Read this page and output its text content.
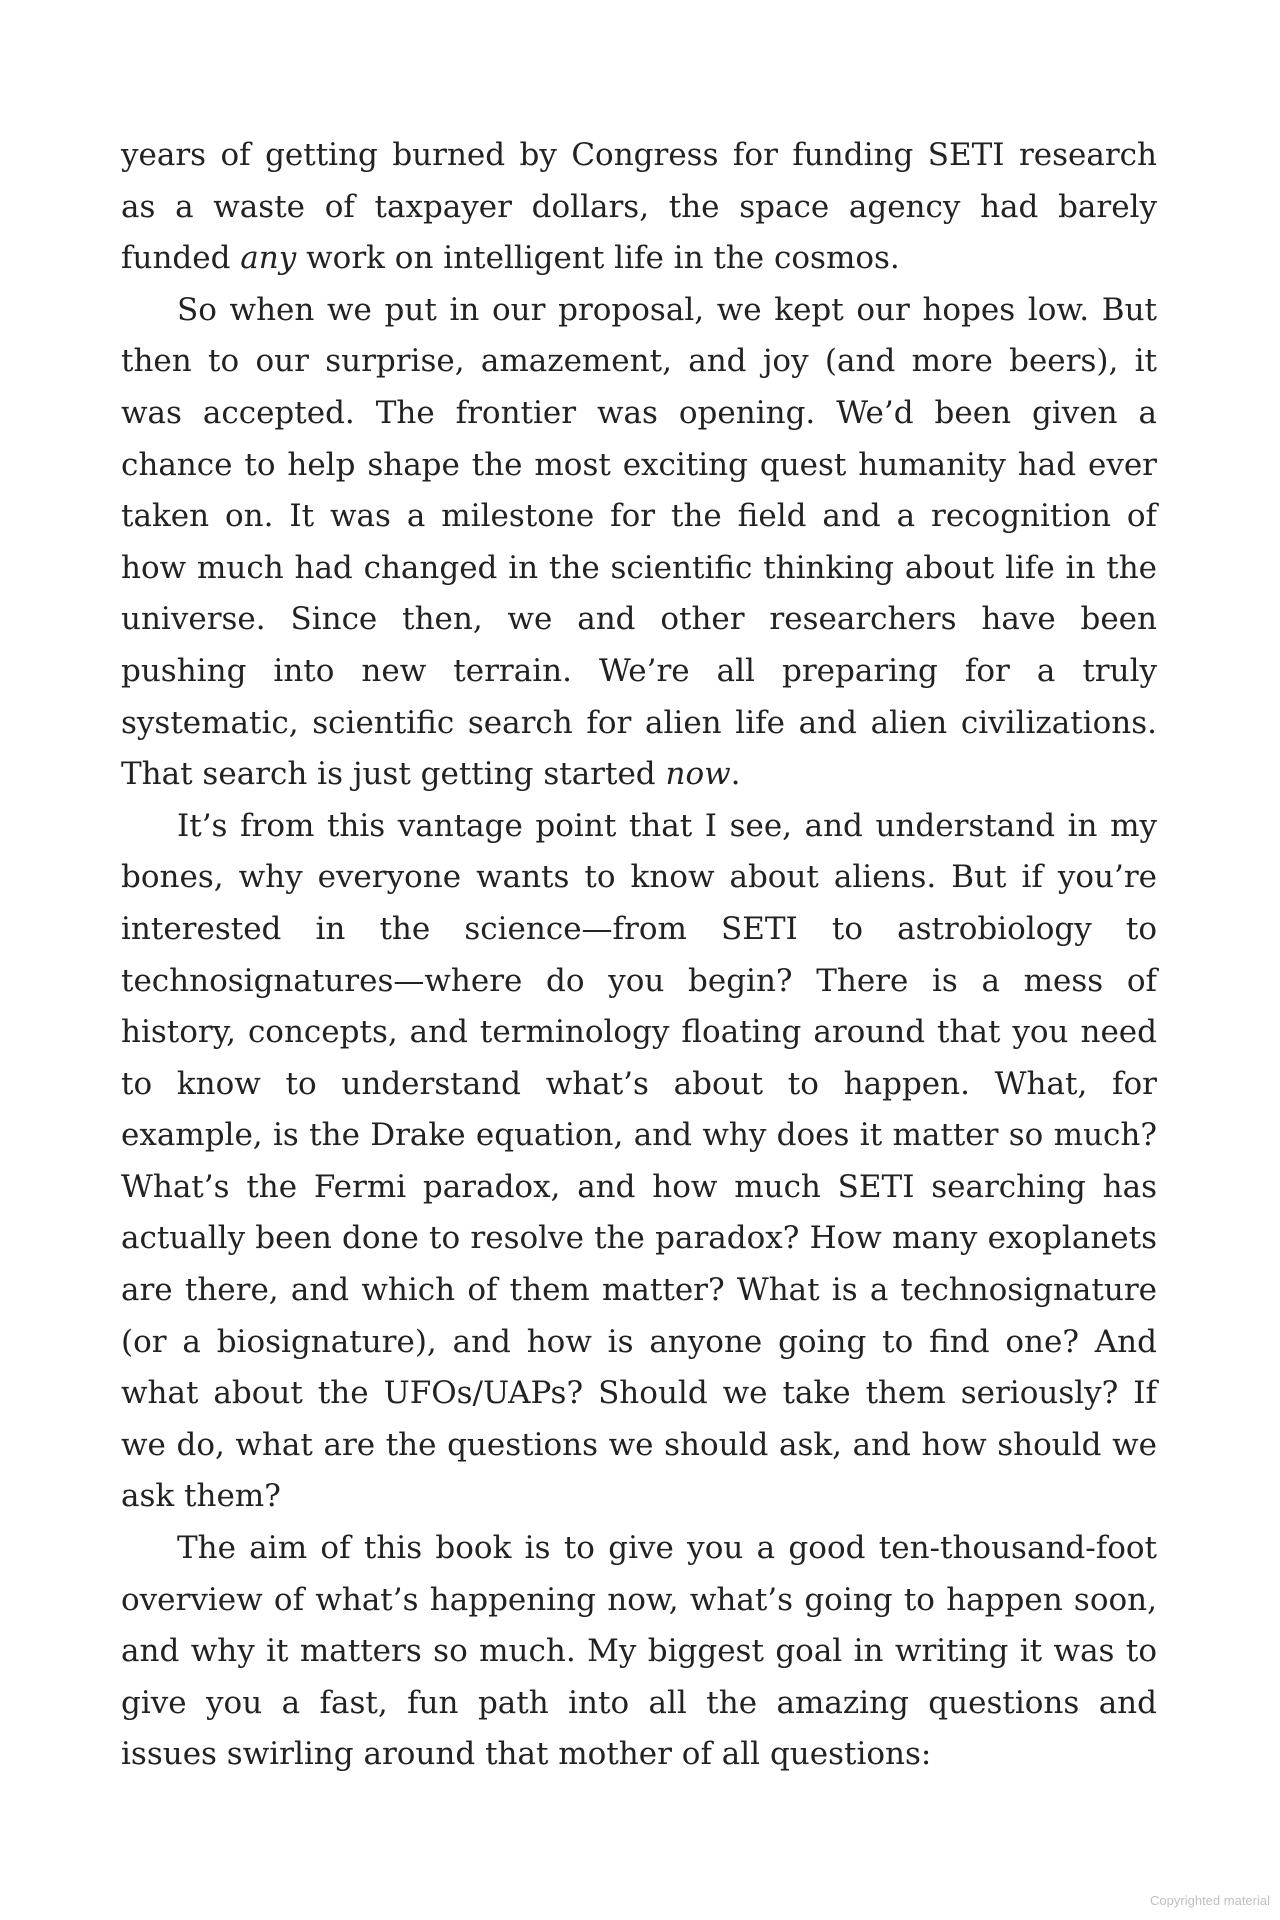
years of getting burned by Congress for funding SETI research as a waste of taxpayer dollars, the space agency had barely funded any work on intelligent life in the cosmos.

So when we put in our proposal, we kept our hopes low. But then to our surprise, amazement, and joy (and more beers), it was accepted. The frontier was opening. We’d been given a chance to help shape the most exciting quest humanity had ever taken on. It was a milestone for the field and a recognition of how much had changed in the scientific thinking about life in the universe. Since then, we and other researchers have been pushing into new terrain. We’re all preparing for a truly systematic, scientific search for alien life and alien civilizations. That search is just getting started now.

It’s from this vantage point that I see, and understand in my bones, why everyone wants to know about aliens. But if you’re interested in the science—from SETI to astrobiology to technosignatures—where do you begin? There is a mess of history, concepts, and terminology floating around that you need to know to understand what’s about to happen. What, for example, is the Drake equation, and why does it matter so much? What’s the Fermi paradox, and how much SETI searching has actually been done to resolve the paradox? How many exoplanets are there, and which of them matter? What is a technosignature (or a biosignature), and how is anyone going to find one? And what about the UFOs/UAPs? Should we take them seriously? If we do, what are the questions we should ask, and how should we ask them?

The aim of this book is to give you a good ten-thousand-foot overview of what’s happening now, what’s going to happen soon, and why it matters so much. My biggest goal in writing it was to give you a fast, fun path into all the amazing questions and issues swirling around that mother of all questions:

Copyrighted material
